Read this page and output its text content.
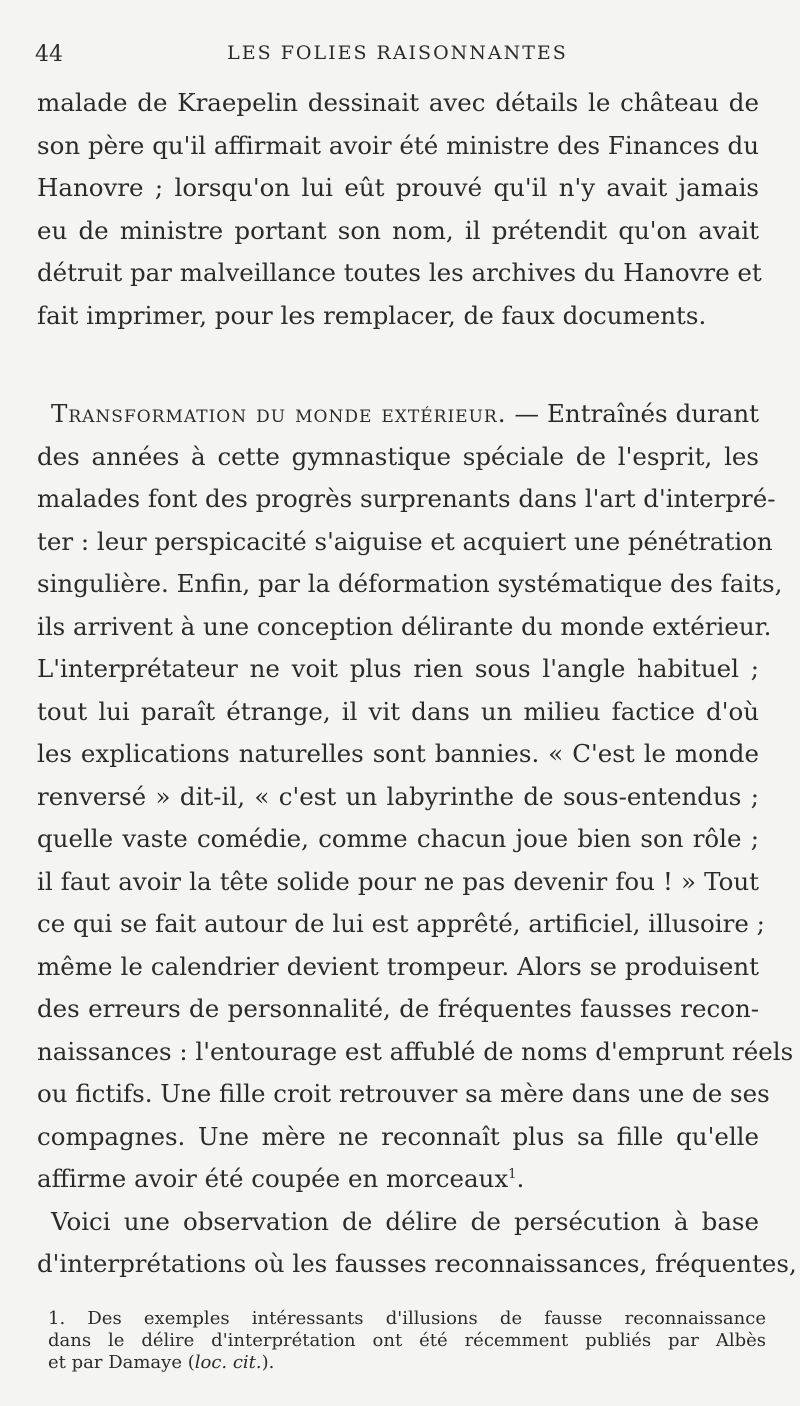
44	LES FOLIES RAISONNANTES
malade de Kraepelin dessinait avec détails le château de
son père qu'il affirmait avoir été ministre des Finances du
Hanovre ; lorsqu'on lui eût prouvé qu'il n'y avait jamais
eu de ministre portant son nom, il prétendit qu'on avait
détruit par malveillance toutes les archives du Hanovre et
fait imprimer, pour les remplacer, de faux documents.
Transformation du monde extérieur. — Entraînés durant
des années à cette gymnastique spéciale de l'esprit, les
malades font des progrès surprenants dans l'art d'interpré-
ter : leur perspicacité s'aiguise et acquiert une pénétration
singulière. Enfin, par la déformation systématique des faits,
ils arrivent à une conception délirante du monde extérieur.
L'interprétateur ne voit plus rien sous l'angle habituel ;
tout lui paraît étrange, il vit dans un milieu factice d'où
les explications naturelles sont bannies. « C'est le monde
renversé » dit-il, « c'est un labyrinthe de sous-entendus ;
quelle vaste comédie, comme chacun joue bien son rôle ;
il faut avoir la tête solide pour ne pas devenir fou ! » Tout
ce qui se fait autour de lui est apprêté, artificiel, illusoire ;
même le calendrier devient trompeur. Alors se produisent
des erreurs de personnalité, de fréquentes fausses recon-
naissances : l'entourage est affublé de noms d'emprunt réels
ou fictifs. Une fille croit retrouver sa mère dans une de ses
compagnes. Une mère ne reconnaît plus sa fille qu'elle
affirme avoir été coupée en morceaux$^1$.
Voici une observation de délire de persécution à base
d'interprétations où les fausses reconnaissances, fréquentes,
1. Des exemples intéressants d'illusions de fausse reconnaissance
dans le délire d'interprétation ont été récemment publiés par Albès
et par Damaye (loc. cit.).
